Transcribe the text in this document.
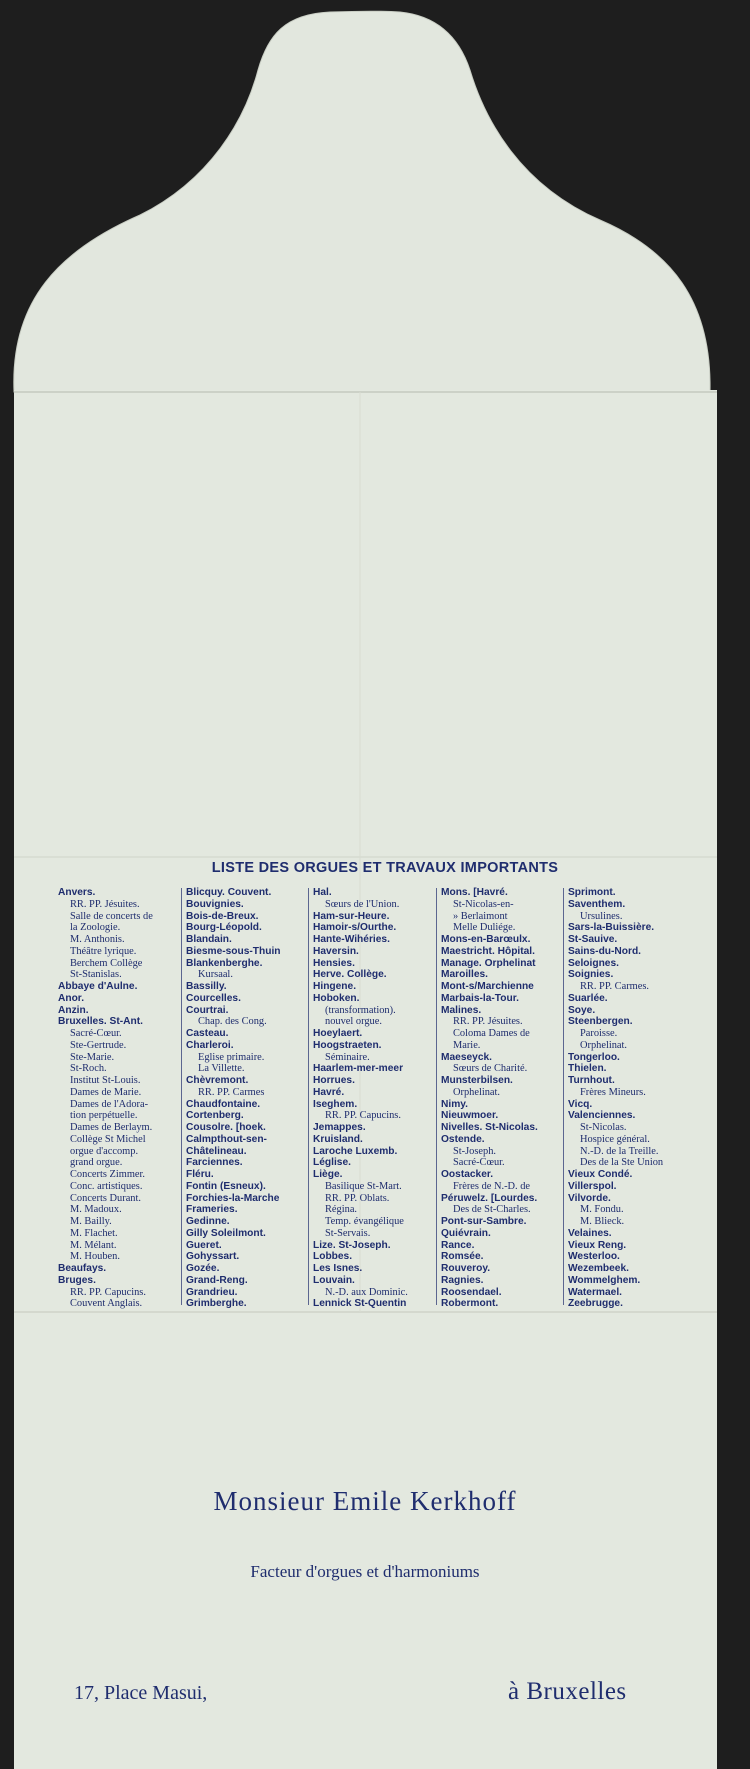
LISTE DES ORGUES ET TRAVAUX IMPORTANTS
Anvers.
RR. PP. Jésuites.
Salle de concerts de
la Zoologie.
M. Anthonis.
Théâtre lyrique.
Berchem Collège
St-Stanislas.
Abbaye d'Aulne.
Anor.
Anzin.
Bruxelles. St-Ant.
Sacré-Cœur.
Ste-Gertrude.
Ste-Marie.
St-Roch.
Institut St-Louis.
Dames de Marie.
Dames de l'Adora-
tion perpétuelle.
Dames de Berlaym.
Collège St Michel
orgue d'accomp.
grand orgue.
Concerts Zimmer.
Conc. artistiques.
Concerts Durant.
M. Madoux.
M. Bailly.
M. Flachet.
M. Mélant.
M. Houben.
Beaufays.
Bruges.
RR. PP. Capucins.
Couvent Anglais.
Blicquy. Couvent.
Bouvignies.
Bois-de-Breux.
Bourg-Léopold.
Blandain.
Biesme-sous-Thuin
Blankenberghe.
Kursaal.
Bassilly.
Courcelles.
Courtrai.
Chap. des Cong.
Casteau.
Charleroi.
Eglise primaire.
La Villette.
Chèvremont.
RR. PP. Carmes
Chaudfontaine.
Cortenberg.
Cousolre. [hoek.
Calmpthout-sen-
Châtelineau.
Farciennes.
Fléru.
Fontin (Esneux).
Forchies-la-Marche
Frameries.
Gedinne.
Gilly Soleilmont.
Gueret.
Gohyssart.
Gozée.
Grand-Reng.
Grandrieu.
Grimberghe.
Hal.
Sœurs de l'Union.
Ham-sur-Heure.
Hamoir-s/Ourthe.
Hante-Wihéries.
Haversin.
Hensies.
Herve. Collège.
Hingene.
Hoboken.
(transformation).
nouvel orgue.
Hoeylaert.
Hoogstraeten.
Séminaire.
Haarlem-mer-meer
Horrues.
Havré.
Iseghem.
RR. PP. Capucins.
Jemappes.
Kruisland.
Laroche Luxemb.
Léglise.
Liège.
Basilique St-Mart.
RR. PP. Oblats.
Régina.
Temp. évangélique
St-Servais.
Lize. St-Joseph.
Lobbes.
Les Isnes.
Louvain.
N.-D. aux Dominic.
Lennick St-Quentin
Mons. [Havré.
St-Nicolas-en-
» Berlaimont
Melle Duliége.
Mons-en-Barœulx.
Maestricht. Hôpital.
Manage. Orphelinat
Maroilles.
Mont-s/Marchienne
Marbais-la-Tour.
Malines.
RR. PP. Jésuites.
Coloma Dames de
Marie.
Maeseyck.
Sœurs de Charité.
Munsterbilsen.
Orphelinat.
Nimy.
Nieuwmoer.
Nivelles. St-Nicolas.
Ostende.
St-Joseph.
Sacré-Cœur.
Oostacker.
Frères de N.-D. de
Péruwelz. [Lourdes.
Des de St-Charles.
Pont-sur-Sambre.
Quiévrain.
Rance.
Romsée.
Rouveroy.
Ragnies.
Roosendael.
Robermont.
Sprimont.
Saventhem.
Ursulines.
Sars-la-Buissière.
St-Sauive.
Sains-du-Nord.
Seloignes.
Soignies.
RR. PP. Carmes.
Suarlée.
Soye.
Steenbergen.
Paroisse.
Orphelinat.
Tongerloo.
Thielen.
Turnhout.
Frères Mineurs.
Vicq.
Valenciennes.
St-Nicolas.
Hospice général.
N.-D. de la Treille.
Des de la Ste Union
Vieux Condé.
Villerspol.
Vilvorde.
M. Fondu.
M. Blieck.
Velaines.
Vieux Reng.
Westerloo.
Wezembeek.
Wommelghem.
Watermael.
Zeebrugge.
Monsieur Emile Kerkhoff
Facteur d'orgues et d'harmoniums
17, Place Masui,	à Bruxelles
